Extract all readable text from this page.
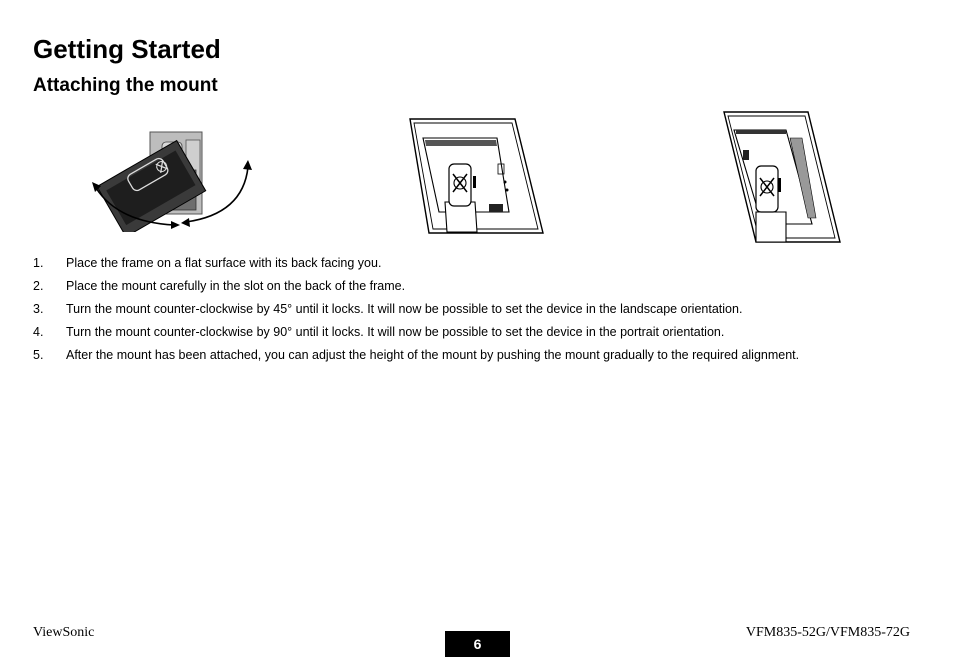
Getting Started
Attaching the mount
1. Place the frame on a flat surface with its back facing you.
2. Place the mount carefully in the slot on the back of the frame.
3. Turn the mount counter-clockwise by 45° until it locks. It will now be possible to set the device in the landscape orientation.
4. Turn the mount counter-clockwise by 90° until it locks. It will now be possible to set the device in the portrait orientation.
5. After the mount has been attached, you can adjust the height of the mount by pushing the mount gradually to the required alignment.
ViewSonic
6
VFM835-52G/VFM835-72G
